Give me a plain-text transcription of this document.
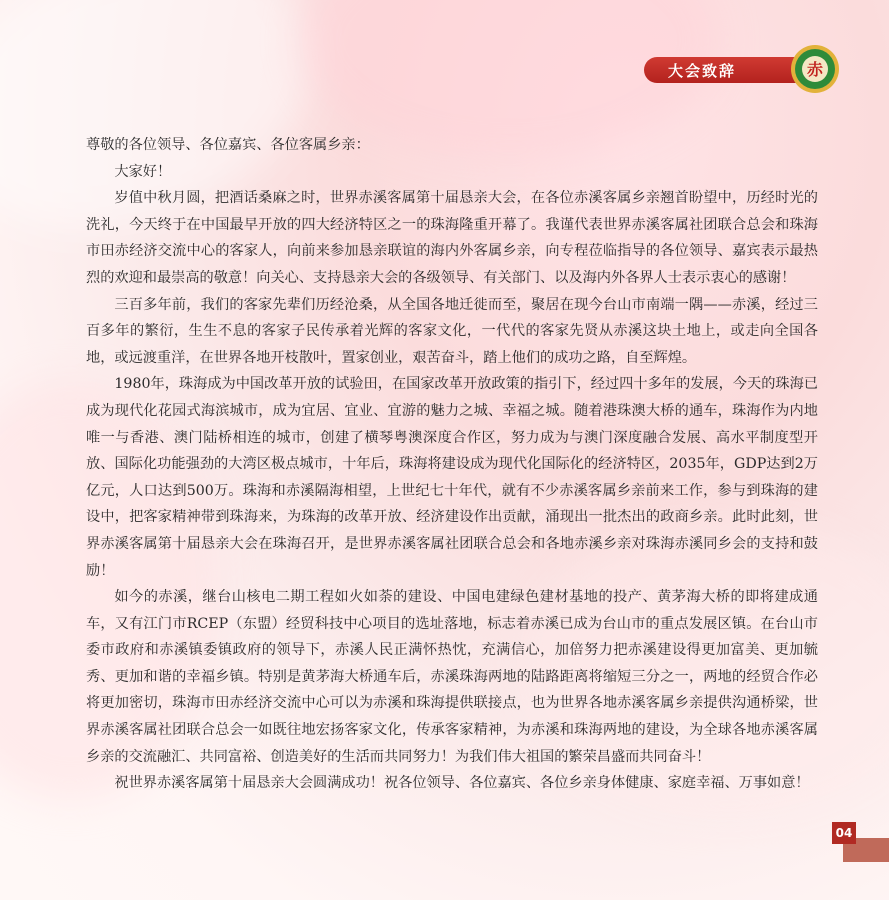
大会致辞	赤

尊敬的各位领导、各位嘉宾、各位客属乡亲：

大家好！

岁值中秋月圆，把酒话桑麻之时，世界赤溪客属第十届恳亲大会，在各位赤溪客属乡亲翘首盼望中，历经时光的洗礼，今天终于在中国最早开放的四大经济特区之一的珠海隆重开幕了。我谨代表世界赤溪客属社团联合总会和珠海市田赤经济交流中心的客家人，向前来参加恳亲联谊的海内外客属乡亲，向专程莅临指导的各位领导、嘉宾表示最热烈的欢迎和最崇高的敬意！向关心、支持恳亲大会的各级领导、有关部门、以及海内外各界人士表示衷心的感谢！

三百多年前，我们的客家先辈们历经沧桑，从全国各地迁徙而至，聚居在现今台山市南端一隅——赤溪，经过三百多年的繁衍，生生不息的客家子民传承着光辉的客家文化，一代代的客家先贤从赤溪这块土地上，或走向全国各地，或远渡重洋，在世界各地开枝散叶，置家创业，艰苦奋斗，踏上他们的成功之路，自至辉煌。

1980年，珠海成为中国改革开放的试验田，在国家改革开放政策的指引下，经过四十多年的发展，今天的珠海已成为现代化花园式海滨城市，成为宜居、宜业、宜游的魅力之城、幸福之城。随着港珠澳大桥的通车，珠海作为内地唯一与香港、澳门陆桥相连的城市，创建了横琴粤澳深度合作区，努力成为与澳门深度融合发展、高水平制度型开放、国际化功能强劲的大湾区极点城市，十年后，珠海将建设成为现代化国际化的经济特区，2035年，GDP达到2万亿元，人口达到500万。珠海和赤溪隔海相望，上世纪七十年代，就有不少赤溪客属乡亲前来工作，参与到珠海的建设中，把客家精神带到珠海来，为珠海的改革开放、经济建设作出贡献，涌现出一批杰出的政商乡亲。此时此刻，世界赤溪客属第十届恳亲大会在珠海召开，是世界赤溪客属社团联合总会和各地赤溪乡亲对珠海赤溪同乡会的支持和鼓励！

如今的赤溪，继台山核电二期工程如火如荼的建设、中国电建绿色建材基地的投产、黄茅海大桥的即将建成通车，又有江门市RCEP（东盟）经贸科技中心项目的选址落地，标志着赤溪已成为台山市的重点发展区镇。在台山市委市政府和赤溪镇委镇政府的领导下，赤溪人民正满怀热忱，充满信心，加倍努力把赤溪建设得更加富美、更加毓秀、更加和谐的幸福乡镇。特别是黄茅海大桥通车后，赤溪珠海两地的陆路距离将缩短三分之一，两地的经贸合作必将更加密切，珠海市田赤经济交流中心可以为赤溪和珠海提供联接点，也为世界各地赤溪客属乡亲提供沟通桥梁，世界赤溪客属社团联合总会一如既往地宏扬客家文化，传承客家精神，为赤溪和珠海两地的建设，为全球各地赤溪客属乡亲的交流融汇、共同富裕、创造美好的生活而共同努力！为我们伟大祖国的繁荣昌盛而共同奋斗！

祝世界赤溪客属第十届恳亲大会圆满成功！祝各位领导、各位嘉宾、各位乡亲身体健康、家庭幸福、万事如意！

04
